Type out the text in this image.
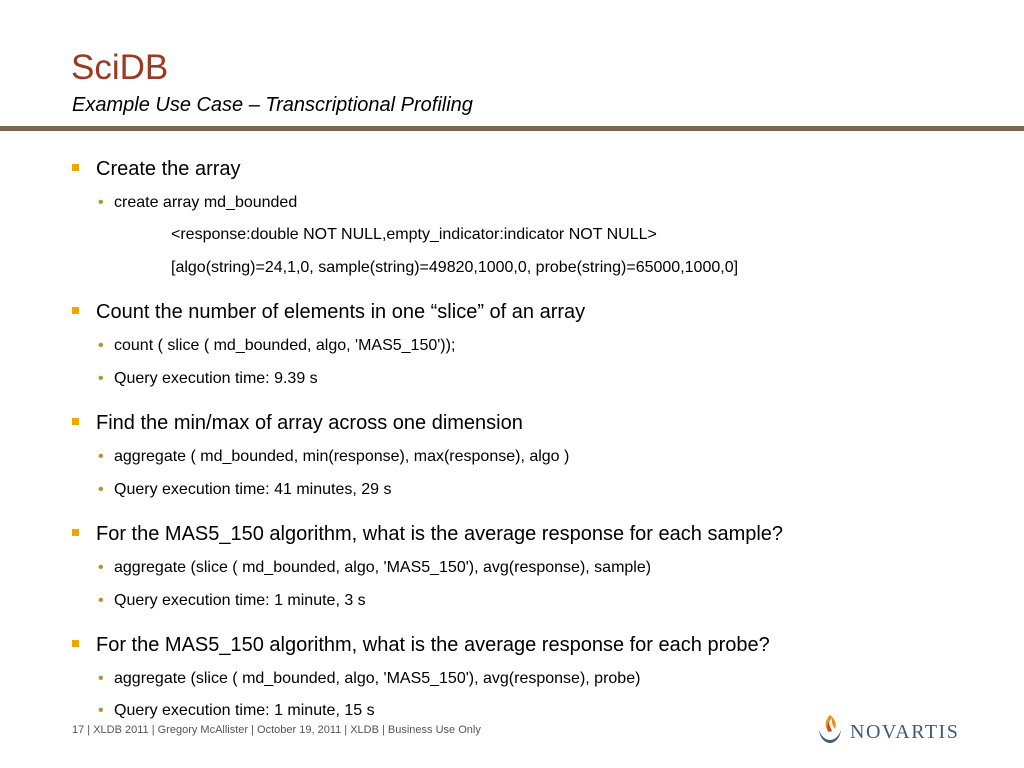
SciDB
Example Use Case – Transcriptional Profiling
Create the array
• create array md_bounded
<response:double NOT NULL,empty_indicator:indicator NOT NULL>
[algo(string)=24,1,0, sample(string)=49820,1000,0, probe(string)=65000,1000,0]
Count the number of elements in one “slice” of an array
• count ( slice ( md_bounded, algo, 'MAS5_150'));
• Query execution time: 9.39 s
Find the min/max of array across one dimension
• aggregate ( md_bounded, min(response), max(response), algo )
• Query execution time: 41 minutes, 29 s
For the MAS5_150 algorithm, what is the average response for each sample?
• aggregate (slice ( md_bounded, algo, 'MAS5_150'), avg(response), sample)
• Query execution time: 1 minute, 3 s
For the MAS5_150 algorithm, what is the average response for each probe?
• aggregate (slice ( md_bounded, algo, 'MAS5_150'), avg(response), probe)
• Query execution time: 1 minute, 15 s
17 | XLDB 2011 | Gregory McAllister | October 19, 2011 | XLDB | Business Use Only	NOVARTIS
